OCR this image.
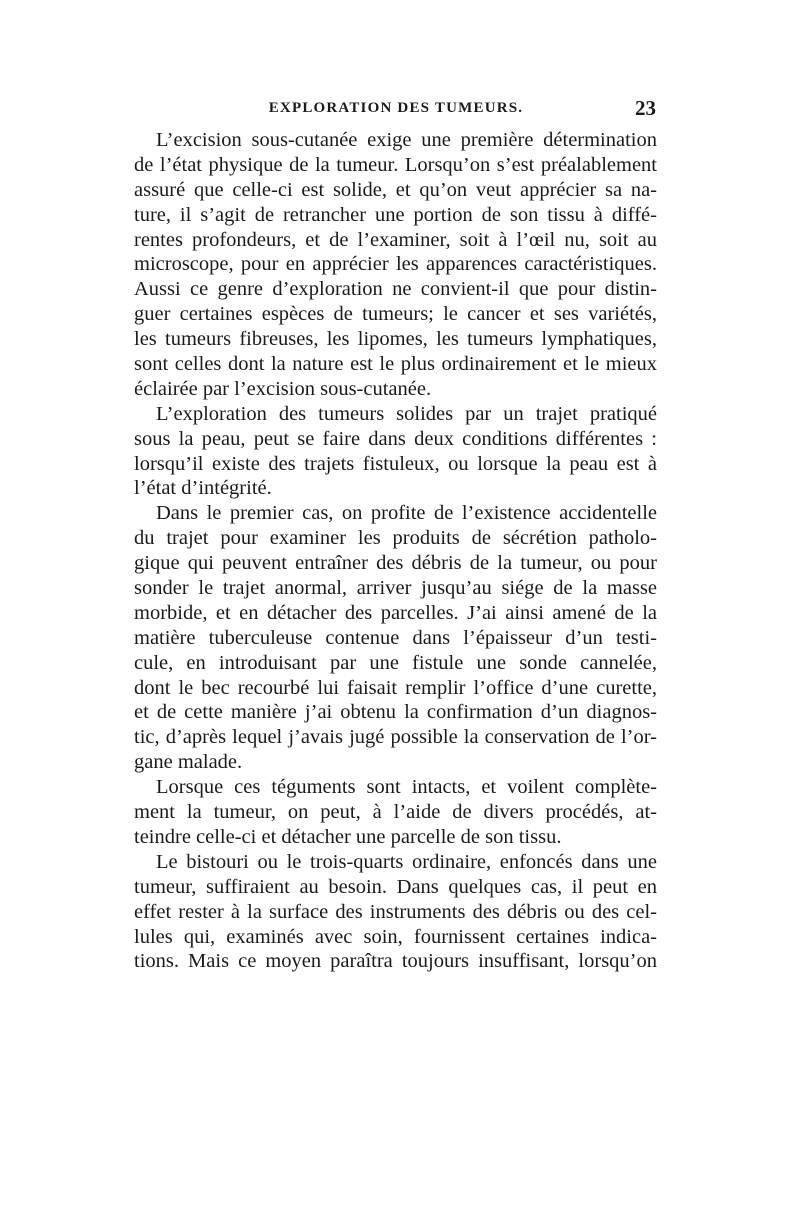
EXPLORATION DES TUMEURS.	23
L’excision sous-cutanée exige une première détermination
de l’état physique de la tumeur. Lorsqu’on s’est préalablement
assuré que celle-ci est solide, et qu’on veut apprécier sa na-
ture, il s’agit de retrancher une portion de son tissu à diffé-
rentes profondeurs, et de l’examiner, soit à l’œil nu, soit au
microscope, pour en apprécier les apparences caractéristiques.
Aussi ce genre d’exploration ne convient-il que pour distin-
guer certaines espèces de tumeurs; le cancer et ses variétés,
les tumeurs fibreuses, les lipomes, les tumeurs lymphatiques,
sont celles dont la nature est le plus ordinairement et le mieux
éclairée par l’excision sous-cutanée.
L’exploration des tumeurs solides par un trajet pratiqué
sous la peau, peut se faire dans deux conditions différentes :
lorsqu’il existe des trajets fistuleux, ou lorsque la peau est à
l’état d’intégrité.
Dans le premier cas, on profite de l’existence accidentelle
du trajet pour examiner les produits de sécrétion patholo-
gique qui peuvent entraîner des débris de la tumeur, ou pour
sonder le trajet anormal, arriver jusqu’au siége de la masse
morbide, et en détacher des parcelles. J’ai ainsi amené de la
matière tuberculeuse contenue dans l’épaisseur d’un testi-
cule, en introduisant par une fistule une sonde cannelée,
dont le bec recourbé lui faisait remplir l’office d’une curette,
et de cette manière j’ai obtenu la confirmation d’un diagnos-
tic, d’après lequel j’avais jugé possible la conservation de l’or-
gane malade.
Lorsque ces téguments sont intacts, et voilent complète-
ment la tumeur, on peut, à l’aide de divers procédés, at-
teindre celle-ci et détacher une parcelle de son tissu.
Le bistouri ou le trois-quarts ordinaire, enfoncés dans une
tumeur, suffiraient au besoin. Dans quelques cas, il peut en
effet rester à la surface des instruments des débris ou des cel-
lules qui, examinés avec soin, fournissent certaines indica-
tions. Mais ce moyen paraîtra toujours insuffisant, lorsqu’on
